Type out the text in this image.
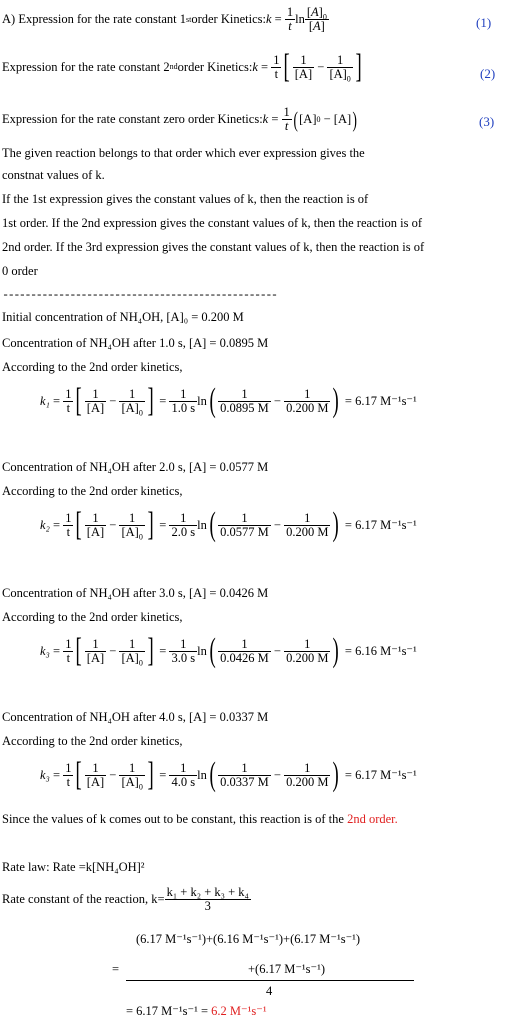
A) Expression for the rate constant 1 st order Kinetics: $k = \frac{1}{t}$ $\ln \frac{[A]_0}{[A]}$	(1)
Expression for the rate constant 2 nd order Kinetics: $k = \frac{1}{t}$ [ $\frac{1}{[A]} - \frac{1}{[A]_0}$ ]	(2)
Expression for the rate constant zero order Kinetics: $k = \frac{1}{t}$ ( [A] 0 − [A] )	(3)
The given reaction belongs to that order which ever expression gives the
constnat values of k.
If the 1st expression gives the constant values of k, then the reaction is of
1st order. If the 2nd expression gives the constant values of k, then the reaction is of
2nd order. If the 3rd expression gives the constant values of k, then the reaction is of
0 order
-------------------------------------------------
Initial concentration of NH₄OH, [A]₀ = 0.200 M
Concentration of NH₄OH after 1.0 s, [A] = 0.0895 M
According to the 2nd order kinetics,
$k_1 = \frac{1}{t}$ [ $\frac{1}{[A]} - \frac{1}{[A]_0}$ ] = $\frac{1}{1.0 s}$ ln ( $\frac{1}{0.0895 M} - \frac{1}{0.200 M}$ ) = 6.17 M⁻¹s⁻¹
Concentration of NH₄OH after 2.0 s, [A] = 0.0577 M
According to the 2nd order kinetics,
$k_2 = \frac{1}{t}$ [ $\frac{1}{[A]} - \frac{1}{[A]_0}$ ] = $\frac{1}{2.0 s}$ ln ( $\frac{1}{0.0577 M} - \frac{1}{0.200 M}$ ) = 6.17 M⁻¹s⁻¹
Concentration of NH₄OH after 3.0 s, [A] = 0.0426 M
According to the 2nd order kinetics,
$k_3 = \frac{1}{t}$ [ $\frac{1}{[A]} - \frac{1}{[A]_0}$ ] = $\frac{1}{3.0 s}$ ln ( $\frac{1}{0.0426 M} - \frac{1}{0.200 M}$ ) = 6.16 M⁻¹s⁻¹
Concentration of NH₄OH after 4.0 s, [A] = 0.0337 M
According to the 2nd order kinetics,
$k_3 = \frac{1}{t}$ [ $\frac{1}{[A]} - \frac{1}{[A]_0}$ ] = $\frac{1}{4.0 s}$ ln ( $\frac{1}{0.0337 M} - \frac{1}{0.200 M}$ ) = 6.17 M⁻¹s⁻¹
Since the values of k comes out to be constant, this reaction is of the 2nd order.
Rate law: Rate =k[NH₄OH]²
Rate constant of the reaction, $k= \frac{\text{k₁ + k₂ + k₃ + k₄}}{3}$
(6.17 M⁻¹s⁻¹)+(6.16 M⁻¹s⁻¹)+(6.17 M⁻¹s⁻¹)
=	+(6.17 M⁻¹s⁻¹)
4
= 6.17 M⁻¹s⁻¹ = 6.2 M⁻¹s⁻¹
